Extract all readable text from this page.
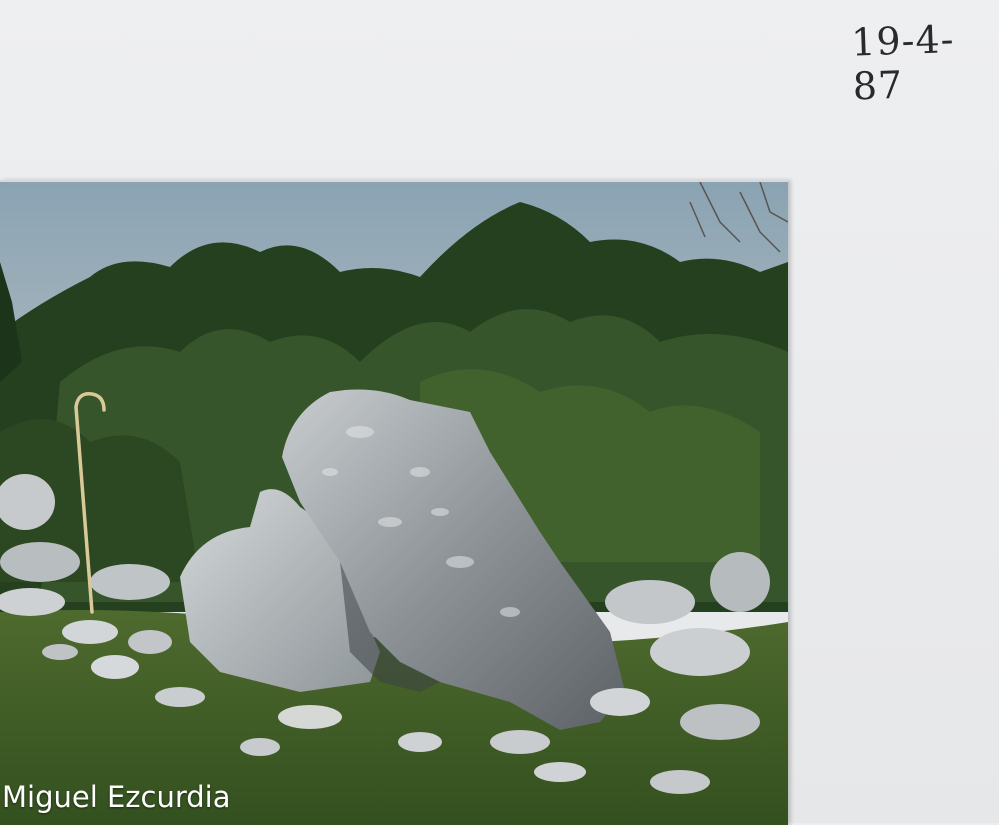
19-4-87
Miguel Ezcurdia
